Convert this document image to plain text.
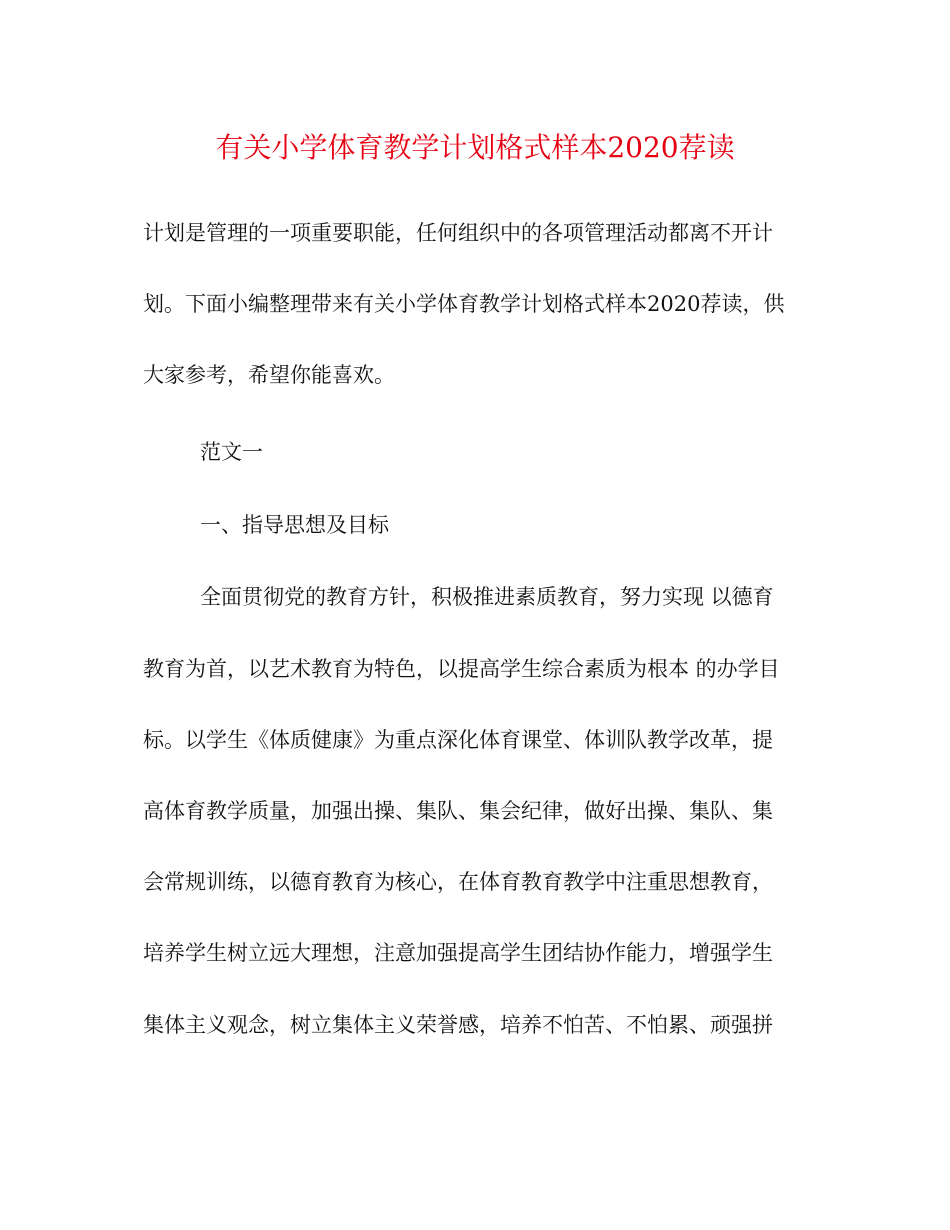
有关小学体育教学计划格式样本2020荐读
计划是管理的一项重要职能，任何组织中的各项管理活动都离不开计
划。下面小编整理带来有关小学体育教学计划格式样本2020荐读，供
大家参考，希望你能喜欢。
范文一
一、指导思想及目标
全面贯彻党的教育方针，积极推进素质教育，努力实现 以德育
教育为首，以艺术教育为特色，以提高学生综合素质为根本 的办学目
标。以学生《体质健康》为重点深化体育课堂、体训队教学改革，提
高体育教学质量，加强出操、集队、集会纪律，做好出操、集队、集
会常规训练，以德育教育为核心，在体育教育教学中注重思想教育，
培养学生树立远大理想，注意加强提高学生团结协作能力，增强学生
集体主义观念，树立集体主义荣誉感，培养不怕苦、不怕累、顽强拼
